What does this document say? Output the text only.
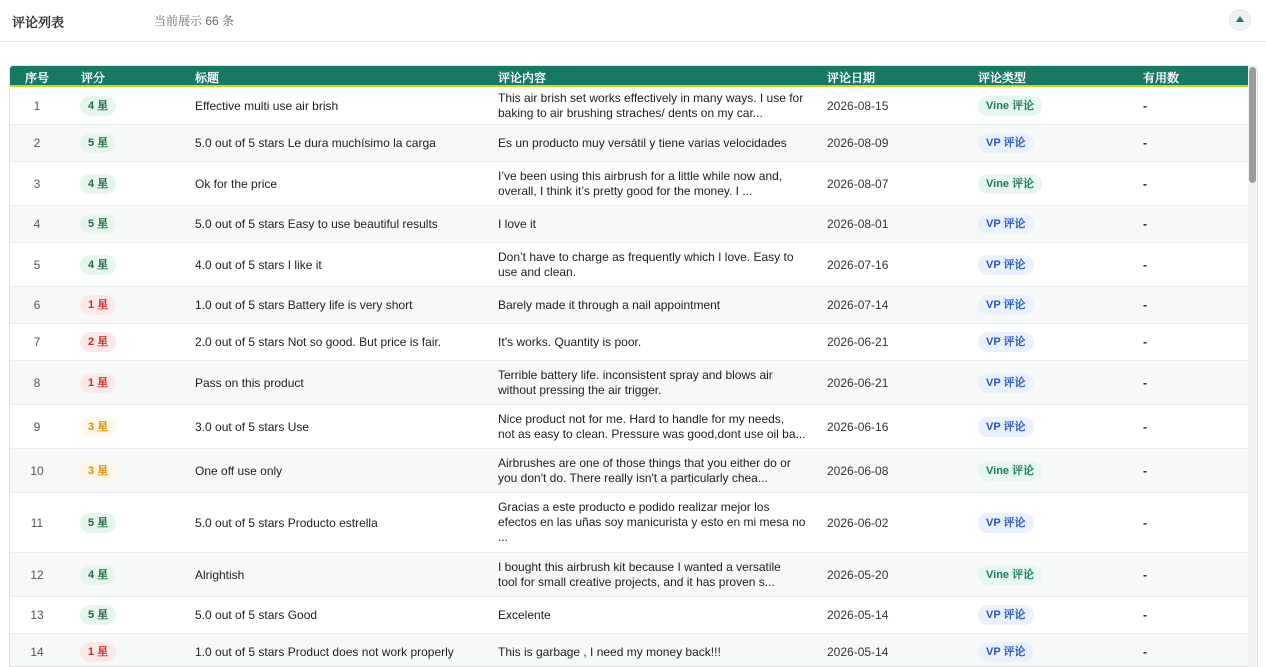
评论列表	当前展示 66 条
序号	评分	标题	评论内容	评论日期	评论类型	有用数
1	4 星	Effective multi use air brish
This air brish set works effectively in many ways. I use for
baking to air brushing straches/ dents on my car...	2026-08-15	Vine 评论	-
2	5 星	5.0 out of 5 stars Le dura muchísimo la carga	Es un producto muy versátil y tiene varias velocidades	2026-08-09	VP 评论	-
3	4 星	Ok for the price
I’ve been using this airbrush for a little while now and,
overall, I think it’s pretty good for the money. I ...	2026-08-07	Vine 评论	-
4	5 星	5.0 out of 5 stars Easy to use beautiful results	I love it	2026-08-01	VP 评论	-
5	4 星	4.0 out of 5 stars I like it
Don’t have to charge as frequently which I love. Easy to
use and clean.	2026-07-16	VP 评论	-
6	1 星	1.0 out of 5 stars Battery life is very short	Barely made it through a nail appointment	2026-07-14	VP 评论	-
7	2 星	2.0 out of 5 stars Not so good. But price is fair.	It’s works. Quantity is poor.	2026-06-21	VP 评论	-
8	1 星	Pass on this product
Terrible battery life. inconsistent spray and blows air
without pressing the air trigger.	2026-06-21	VP 评论	-
9	3 星	3.0 out of 5 stars Use
Nice product not for me. Hard to handle for my needs,
not as easy to clean. Pressure was good,dont use oil ba... 2026-06-16	VP 评论	-
10	3 星	One off use only
Airbrushes are one of those things that you either do or
you don't do. There really isn't a particularly chea...	2026-06-08	Vine 评论	-
11	5 星	5.0 out of 5 stars Producto estrella
Gracias a este producto e podido realizar mejor los
efectos en las uñas soy manicurista y esto en mi mesa no
...
2026-06-02	VP 评论	-
12	4 星	Alrightish
I bought this airbrush kit because I wanted a versatile
tool for small creative projects, and it has proven s...	2026-05-20	Vine 评论	-
13	5 星	5.0 out of 5 stars Good	Excelente	2026-05-14	VP 评论	-
14	1 星	1.0 out of 5 stars Product does not work properly	This is garbage , I need my money back!!!	2026-05-14	VP 评论	-
